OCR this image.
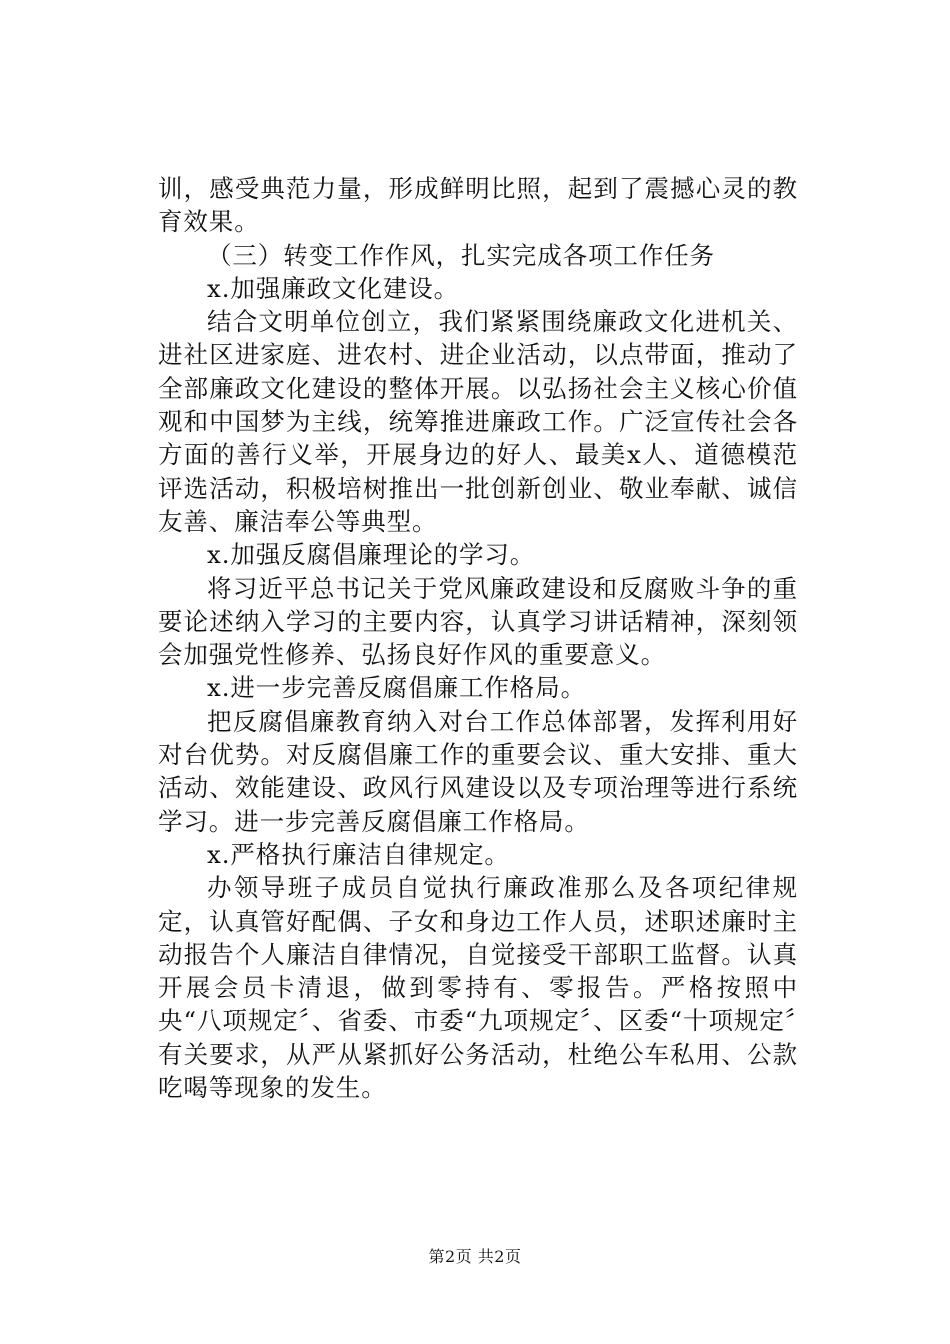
训，感受典范力量，形成鲜明比照，起到了震撼心灵的教育效果。

（三）转变工作作风，扎实完成各项工作任务

x.加强廉政文化建设。

结合文明单位创立，我们紧紧围绕廉政文化进机关、进社区进家庭、进农村、进企业活动，以点带面，推动了全部廉政文化建设的整体开展。以弘扬社会主义核心价值观和中国梦为主线，统筹推进廉政工作。广泛宣传社会各方面的善行义举，开展身边的好人、最美x人、道德模范评选活动，积极培树推出一批创新创业、敬业奉献、诚信友善、廉洁奉公等典型。

x.加强反腐倡廉理论的学习。

将习近平总书记关于党风廉政建设和反腐败斗争的重要论述纳入学习的主要内容，认真学习讲话精神，深刻领会加强党性修养、弘扬良好作风的重要意义。

x.进一步完善反腐倡廉工作格局。

把反腐倡廉教育纳入对台工作总体部署，发挥利用好对台优势。对反腐倡廉工作的重要会议、重大安排、重大活动、效能建设、政风行风建设以及专项治理等进行系统学习。进一步完善反腐倡廉工作格局。

x.严格执行廉洁自律规定。

办领导班子成员自觉执行廉政准那么及各项纪律规定，认真管好配偶、子女和身边工作人员，述职述廉时主动报告个人廉洁自律情况，自觉接受干部职工监督。认真开展会员卡清退，做到零持有、零报告。严格按照中央“八项规定〞、省委、市委“九项规定〞、区委“十项规定〞有关要求，从严从紧抓好公务活动，杜绝公车私用、公款吃喝等现象的发生。

第2页 共2页
